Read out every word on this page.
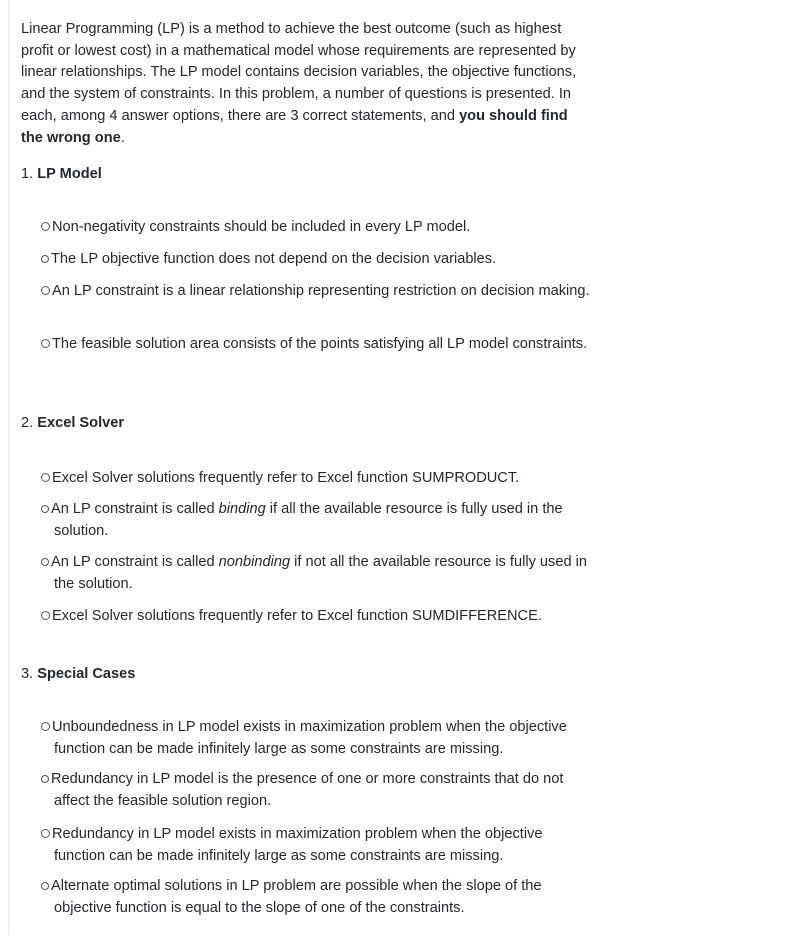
Linear Programming (LP) is a method to achieve the best outcome (such as highest profit or lowest cost) in a mathematical model whose requirements are represented by linear relationships. The LP model contains decision variables, the objective functions, and the system of constraints. In this problem, a number of questions is presented. In each, among 4 answer options, there are 3 correct statements, and you should find the wrong one.

1. LP Model

Non-negativity constraints should be included in every LP model.

The LP objective function does not depend on the decision variables.

An LP constraint is a linear relationship representing restriction on decision making.

The feasible solution area consists of the points satisfying all LP model constraints.

2. Excel Solver

Excel Solver solutions frequently refer to Excel function SUMPRODUCT.

An LP constraint is called binding if all the available resource is fully used in the solution.

An LP constraint is called nonbinding if not all the available resource is fully used in the solution.

Excel Solver solutions frequently refer to Excel function SUMDIFFERENCE.

3. Special Cases

Unboundedness in LP model exists in maximization problem when the objective function can be made infinitely large as some constraints are missing.

Redundancy in LP model is the presence of one or more constraints that do not affect the feasible solution region.

Redundancy in LP model exists in maximization problem when the objective function can be made infinitely large as some constraints are missing.

Alternate optimal solutions in LP problem are possible when the slope of the objective function is equal to the slope of one of the constraints.
